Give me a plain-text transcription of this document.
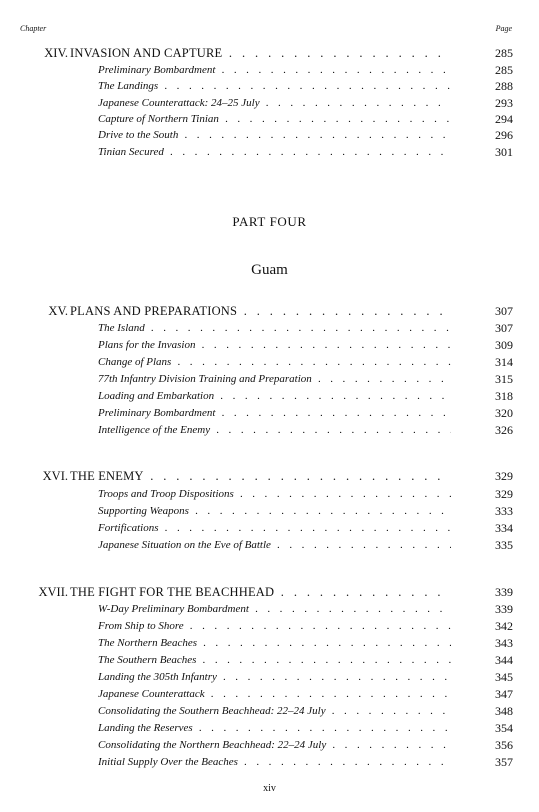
Chapter	Page
XIV. INVASION AND CAPTURE . . .	285
Preliminary Bombardment . . .	285
The Landings . . .	288
Japanese Counterattack: 24–25 July . . .	293
Capture of Northern Tinian . . .	294
Drive to the South . . .	296
Tinian Secured . . .	301
PART FOUR
Guam
XV. PLANS AND PREPARATIONS . . .	307
The Island . . .	307
Plans for the Invasion . . .	309
Change of Plans . . .	314
77th Infantry Division Training and Preparation . . .	315
Loading and Embarkation . . .	318
Preliminary Bombardment . . .	320
Intelligence of the Enemy . . .	326
XVI. THE ENEMY . . .	329
Troops and Troop Dispositions . . .	329
Supporting Weapons . . .	333
Fortifications . . .	334
Japanese Situation on the Eve of Battle . . .	335
XVII. THE FIGHT FOR THE BEACHHEAD . . .	339
W-Day Preliminary Bombardment . . .	339
From Ship to Shore . . .	342
The Northern Beaches . . .	343
The Southern Beaches . . .	344
Landing the 305th Infantry . . .	345
Japanese Counterattack . . .	347
Consolidating the Southern Beachhead: 22–24 July . . .	348
Landing the Reserves . . .	354
Consolidating the Northern Beachhead: 22–24 July . . .	356
Initial Supply Over the Beaches . . .	357
xiv
